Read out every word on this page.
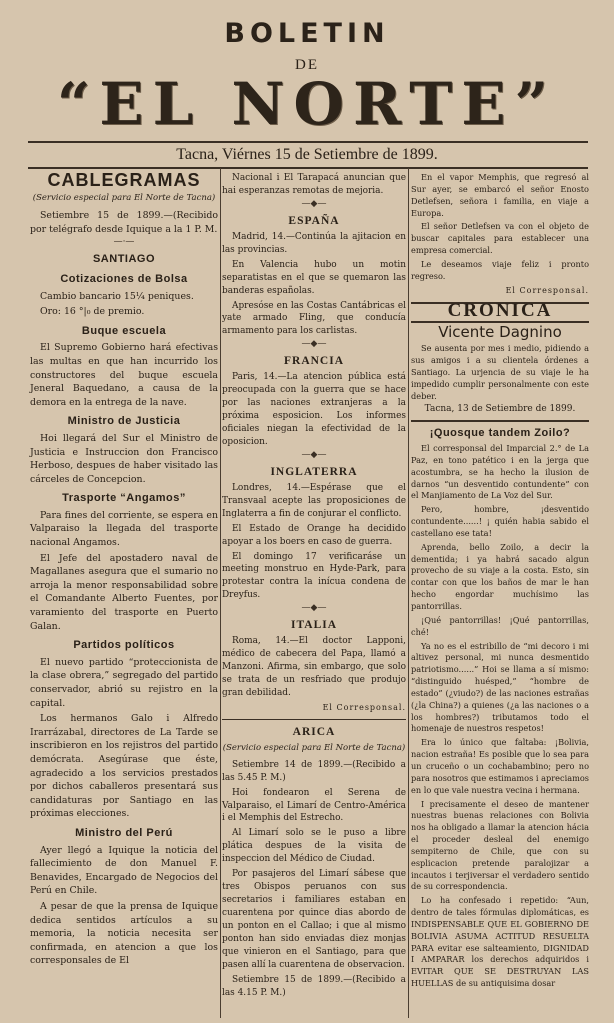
BOLETIN
DE
“EL NORTE”
Tacna, Viérnes 15 de Setiembre de 1899.
CABLEGRAMAS
(Servicio especial para El Norte de Tacna)

Setiembre 15 de 1899.—(Recibido por telégrafo desde Iquique a la 1 P. M.

—·—
SANTIAGO
Cotizaciones de Bolsa

Cambio bancario 15¼ peniques.

Oro: 16 °|₀ de premio.

Buque escuela

El Supremo Gobierno hará efectivas las multas en que han incurrido los constructores del buque escuela Jeneral Baquedano, a causa de la demora en la entrega de la nave.

Ministro de Justicia

Hoi llegará del Sur el Ministro de Justicia e Instruccion don Francisco Herboso, despues de haber visitado las cárceles de Concepcion.

Trasporte “Angamos”

Para fines del corriente, se espera en Valparaiso la llegada del trasporte nacional Angamos.

El Jefe del apostadero naval de Magallanes asegura que el sumario no arroja la menor responsabilidad sobre el Comandante Alberto Fuentes, por varamiento del trasporte en Puerto Galan.

Partidos políticos

El nuevo partido “proteccionista de la clase obrera,” segregado del partido conservador, abrió su rejistro en la capital.

Los hermanos Galo i Alfredo Irarrázabal, directores de La Tarde se inscribieron en los rejistros del partido demócrata. Asegúrase que éste, agradecido a los servicios prestados por dichos caballeros presentará sus candidaturas por Santiago en las próximas elecciones.

Ministro del Perú

Ayer llegó a Iquique la noticia del fallecimiento de don Manuel F. Benavides, Encargado de Negocios del Perú en Chile.

A pesar de que la prensa de Iquique dedica sentidos artículos a su memoria, la noticia necesita ser confirmada, en atencion a que los corresponsales de El

Nacional i El Tarapacá anuncian que hai esperanzas remotas de mejoria.

—◆—
ESPAÑA

Madrid, 14.—Continúa la ajitacion en las provincias.

En Valencia hubo un motin separatistas en el que se quemaron las banderas españolas.

Apresóse en las Costas Cantábricas el yate armado Fling, que conducía armamento para los carlistas.

—◆—
FRANCIA

Paris, 14.—La atencion pública está preocupada con la guerra que se hace por las naciones extranjeras a la próxima esposicion. Los informes oficiales niegan la efectividad de la oposicion.

—◆—
INGLATERRA

Londres, 14.—Espérase que el Transvaal acepte las proposiciones de Inglaterra a fin de conjurar el conflicto.

El Estado de Orange ha decidido apoyar a los boers en caso de guerra.

El domingo 17 verificaráse un meeting monstruo en Hyde-Park, para protestar contra la inícua condena de Dreyfus.

—◆—
ITALIA

Roma, 14.—El doctor Lapponi, médico de cabecera del Papa, llamó a Manzoni. Afirma, sin embargo, que solo se trata de un resfriado que produjo gran debilidad.

El Corresponsal.
ARICA
(Servicio especial para El Norte de Tacna)

Setiembre 14 de 1899.—(Recibido a las 5.45 P. M.)

Hoi fondearon el Serena de Valparaiso, el Limarí de Centro-América i el Memphis del Estrecho.

Al Limarí solo se le puso a libre plática despues de la visita de inspeccion del Médico de Ciudad.

Por pasajeros del Limarí sábese que tres Obispos peruanos con sus secretarios i familiares estaban en cuarentena por quince dias abordo de un ponton en el Callao; i que al mismo ponton han sido enviadas diez monjas que vinieron en el Santiago, para que pasen allí la cuarentena de observacion.

Setiembre 15 de 1899.—(Recibido a las 4.15 P. M.)

En el vapor Memphis, que regresó al Sur ayer, se embarcó el señor Enosto Detlefsen, señora i familia, en viaje a Europa.

El señor Detlefsen va con el objeto de buscar capitales para establecer una empresa comercial.

Le deseamos viaje feliz i pronto regreso.

El Corresponsal.
CRONICA
Vicente Dagnino

Se ausenta por mes i medio, pidiendo a sus amigos i a su clientela órdenes a Santiago. La urjencia de su viaje le ha impedido cumplir personalmente con este deber.

Tacna, 13 de Setiembre de 1899.
¡Quosque tandem Zoilo?

El corresponsal del Imparcial 2.° de La Paz, en tono patético i en la jerga que acostumbra, se ha hecho la ilusion de darnos “un desventido contundente” con el Manjiamento de La Voz del Sur.

Pero, hombre, ¡desventido contundente......! ¡ quién habia sabido el castellano ese tata!

Aprenda, bello Zoilo, a decir la dementida; i ya habrá sacado algun provecho de su viaje a la costa. Esto, sin contar con que los baños de mar le han hecho engordar muchísimo las pantorrillas.

¡Qué pantorrillas! ¡Qué pantorrillas, ché!

Ya no es el estribillo de “mi decoro i mi altivez personal, mi nunca desmentido patriotismo......” Hoi se llama a sí mismo: “distinguido huésped,” “hombre de estado” (¿viudo?) de las naciones estrañas (¿la China?) a quienes (¿a las naciones o a los hombres?) tributamos todo el homenaje de nuestros respetos!

Era lo único que faltaba: ¡Bolivia, nacion estraña! Es posible que lo sea para un cruceño o un cochabambino; pero no para nosotros que estimamos i apreciamos en lo que vale nuestra vecina i hermana.

I precisamente el deseo de mantener nuestras buenas relaciones con Bolivia nos ha obligado a llamar la atencion hácia el proceder desleal del enemigo sempiterno de Chile, que con su esplicacion pretende paralojizar a incautos i terjiversar el verdadero sentido de su correspondencia.

Lo ha confesado i repetido: “Aun, dentro de tales fórmulas diplomáticas, es INDISPENSABLE QUE EL GOBIERNO DE BOLIVIA ASUMA ACTITUD RESUELTA PARA evitar ese salteamiento, DIGNIDAD I AMPARAR los derechos adquiridos i EVITAR QUE SE DESTRUYAN LAS HUELLAS de su antiquisima dosar
